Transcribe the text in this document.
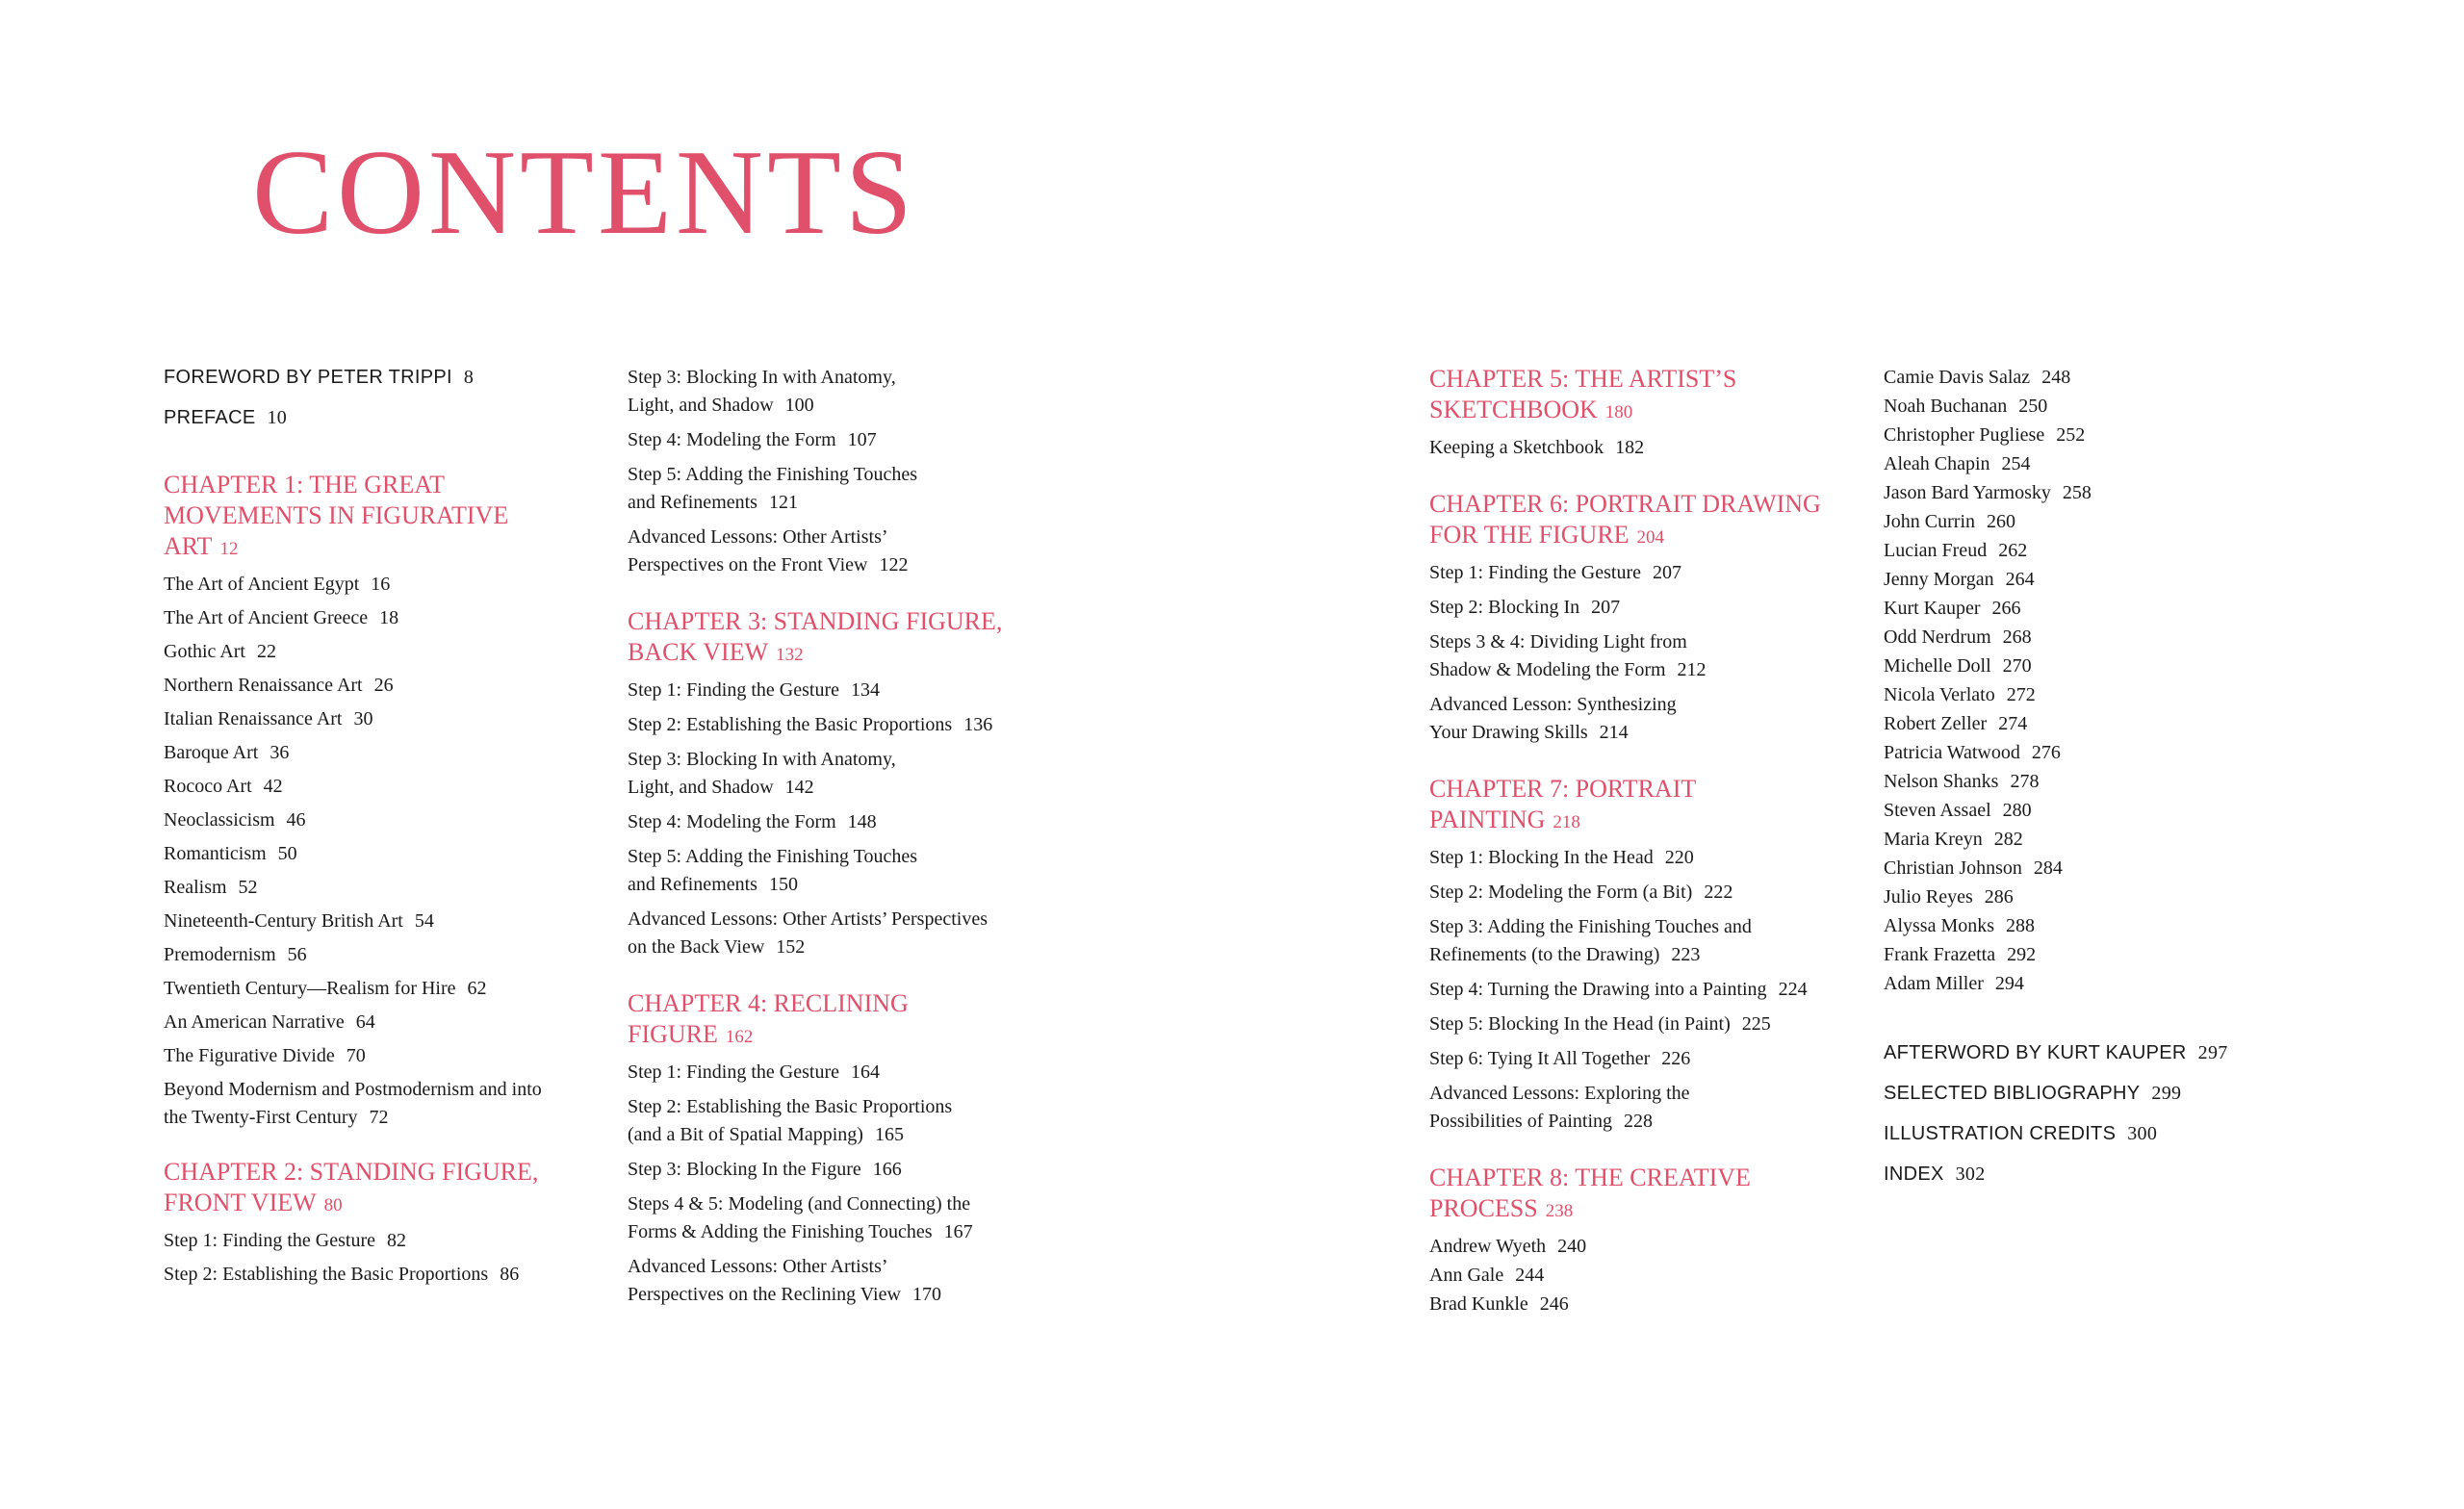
CONTENTS
FOREWORD BY PETER TRIPPI 8
PREFACE 10
CHAPTER 1: THE GREAT
MOVEMENTS IN FIGURATIVE
ART 12
The Art of Ancient Egypt 16
The Art of Ancient Greece 18
Gothic Art 22
Northern Renaissance Art 26
Italian Renaissance Art 30
Baroque Art 36
Rococo Art 42
Neoclassicism 46
Romanticism 50
Realism 52
Nineteenth-Century British Art 54
Premodernism 56
Twentieth Century—Realism for Hire 62
An American Narrative 64
The Figurative Divide 70
Beyond Modernism and Postmodernism and into
the Twenty-First Century 72
CHAPTER 2: STANDING FIGURE,
FRONT VIEW 80
Step 1: Finding the Gesture 82
Step 2: Establishing the Basic Proportions 86
Step 3: Blocking In with Anatomy,
Light, and Shadow 100
Step 4: Modeling the Form 107
Step 5: Adding the Finishing Touches
and Refinements 121
Advanced Lessons: Other Artists’
Perspectives on the Front View 122
CHAPTER 3: STANDING FIGURE,
BACK VIEW 132
Step 1: Finding the Gesture 134
Step 2: Establishing the Basic Proportions 136
Step 3: Blocking In with Anatomy,
Light, and Shadow 142
Step 4: Modeling the Form 148
Step 5: Adding the Finishing Touches
and Refinements 150
Advanced Lessons: Other Artists’ Perspectives
on the Back View 152
CHAPTER 4: RECLINING
FIGURE 162
Step 1: Finding the Gesture 164
Step 2: Establishing the Basic Proportions
(and a Bit of Spatial Mapping) 165
Step 3: Blocking In the Figure 166
Steps 4 & 5: Modeling (and Connecting) the
Forms & Adding the Finishing Touches 167
Advanced Lessons: Other Artists’
Perspectives on the Reclining View 170
CHAPTER 5: THE ARTIST’S
SKETCHBOOK 180
Keeping a Sketchbook 182
CHAPTER 6: PORTRAIT DRAWING
FOR THE FIGURE 204
Step 1: Finding the Gesture 207
Step 2: Blocking In 207
Steps 3 & 4: Dividing Light from
Shadow & Modeling the Form 212
Advanced Lesson: Synthesizing
Your Drawing Skills 214
CHAPTER 7: PORTRAIT
PAINTING 218
Step 1: Blocking In the Head 220
Step 2: Modeling the Form (a Bit) 222
Step 3: Adding the Finishing Touches and
Refinements (to the Drawing) 223
Step 4: Turning the Drawing into a Painting 224
Step 5: Blocking In the Head (in Paint) 225
Step 6: Tying It All Together 226
Advanced Lessons: Exploring the
Possibilities of Painting 228
CHAPTER 8: THE CREATIVE
PROCESS 238
Andrew Wyeth 240
Ann Gale 244
Brad Kunkle 246
Camie Davis Salaz 248
Noah Buchanan 250
Christopher Pugliese 252
Aleah Chapin 254
Jason Bard Yarmosky 258
John Currin 260
Lucian Freud 262
Jenny Morgan 264
Kurt Kauper 266
Odd Nerdrum 268
Michelle Doll 270
Nicola Verlato 272
Robert Zeller 274
Patricia Watwood 276
Nelson Shanks 278
Steven Assael 280
Maria Kreyn 282
Christian Johnson 284
Julio Reyes 286
Alyssa Monks 288
Frank Frazetta 292
Adam Miller 294
AFTERWORD BY KURT KAUPER 297
SELECTED BIBLIOGRAPHY 299
ILLUSTRATION CREDITS 300
INDEX 302
